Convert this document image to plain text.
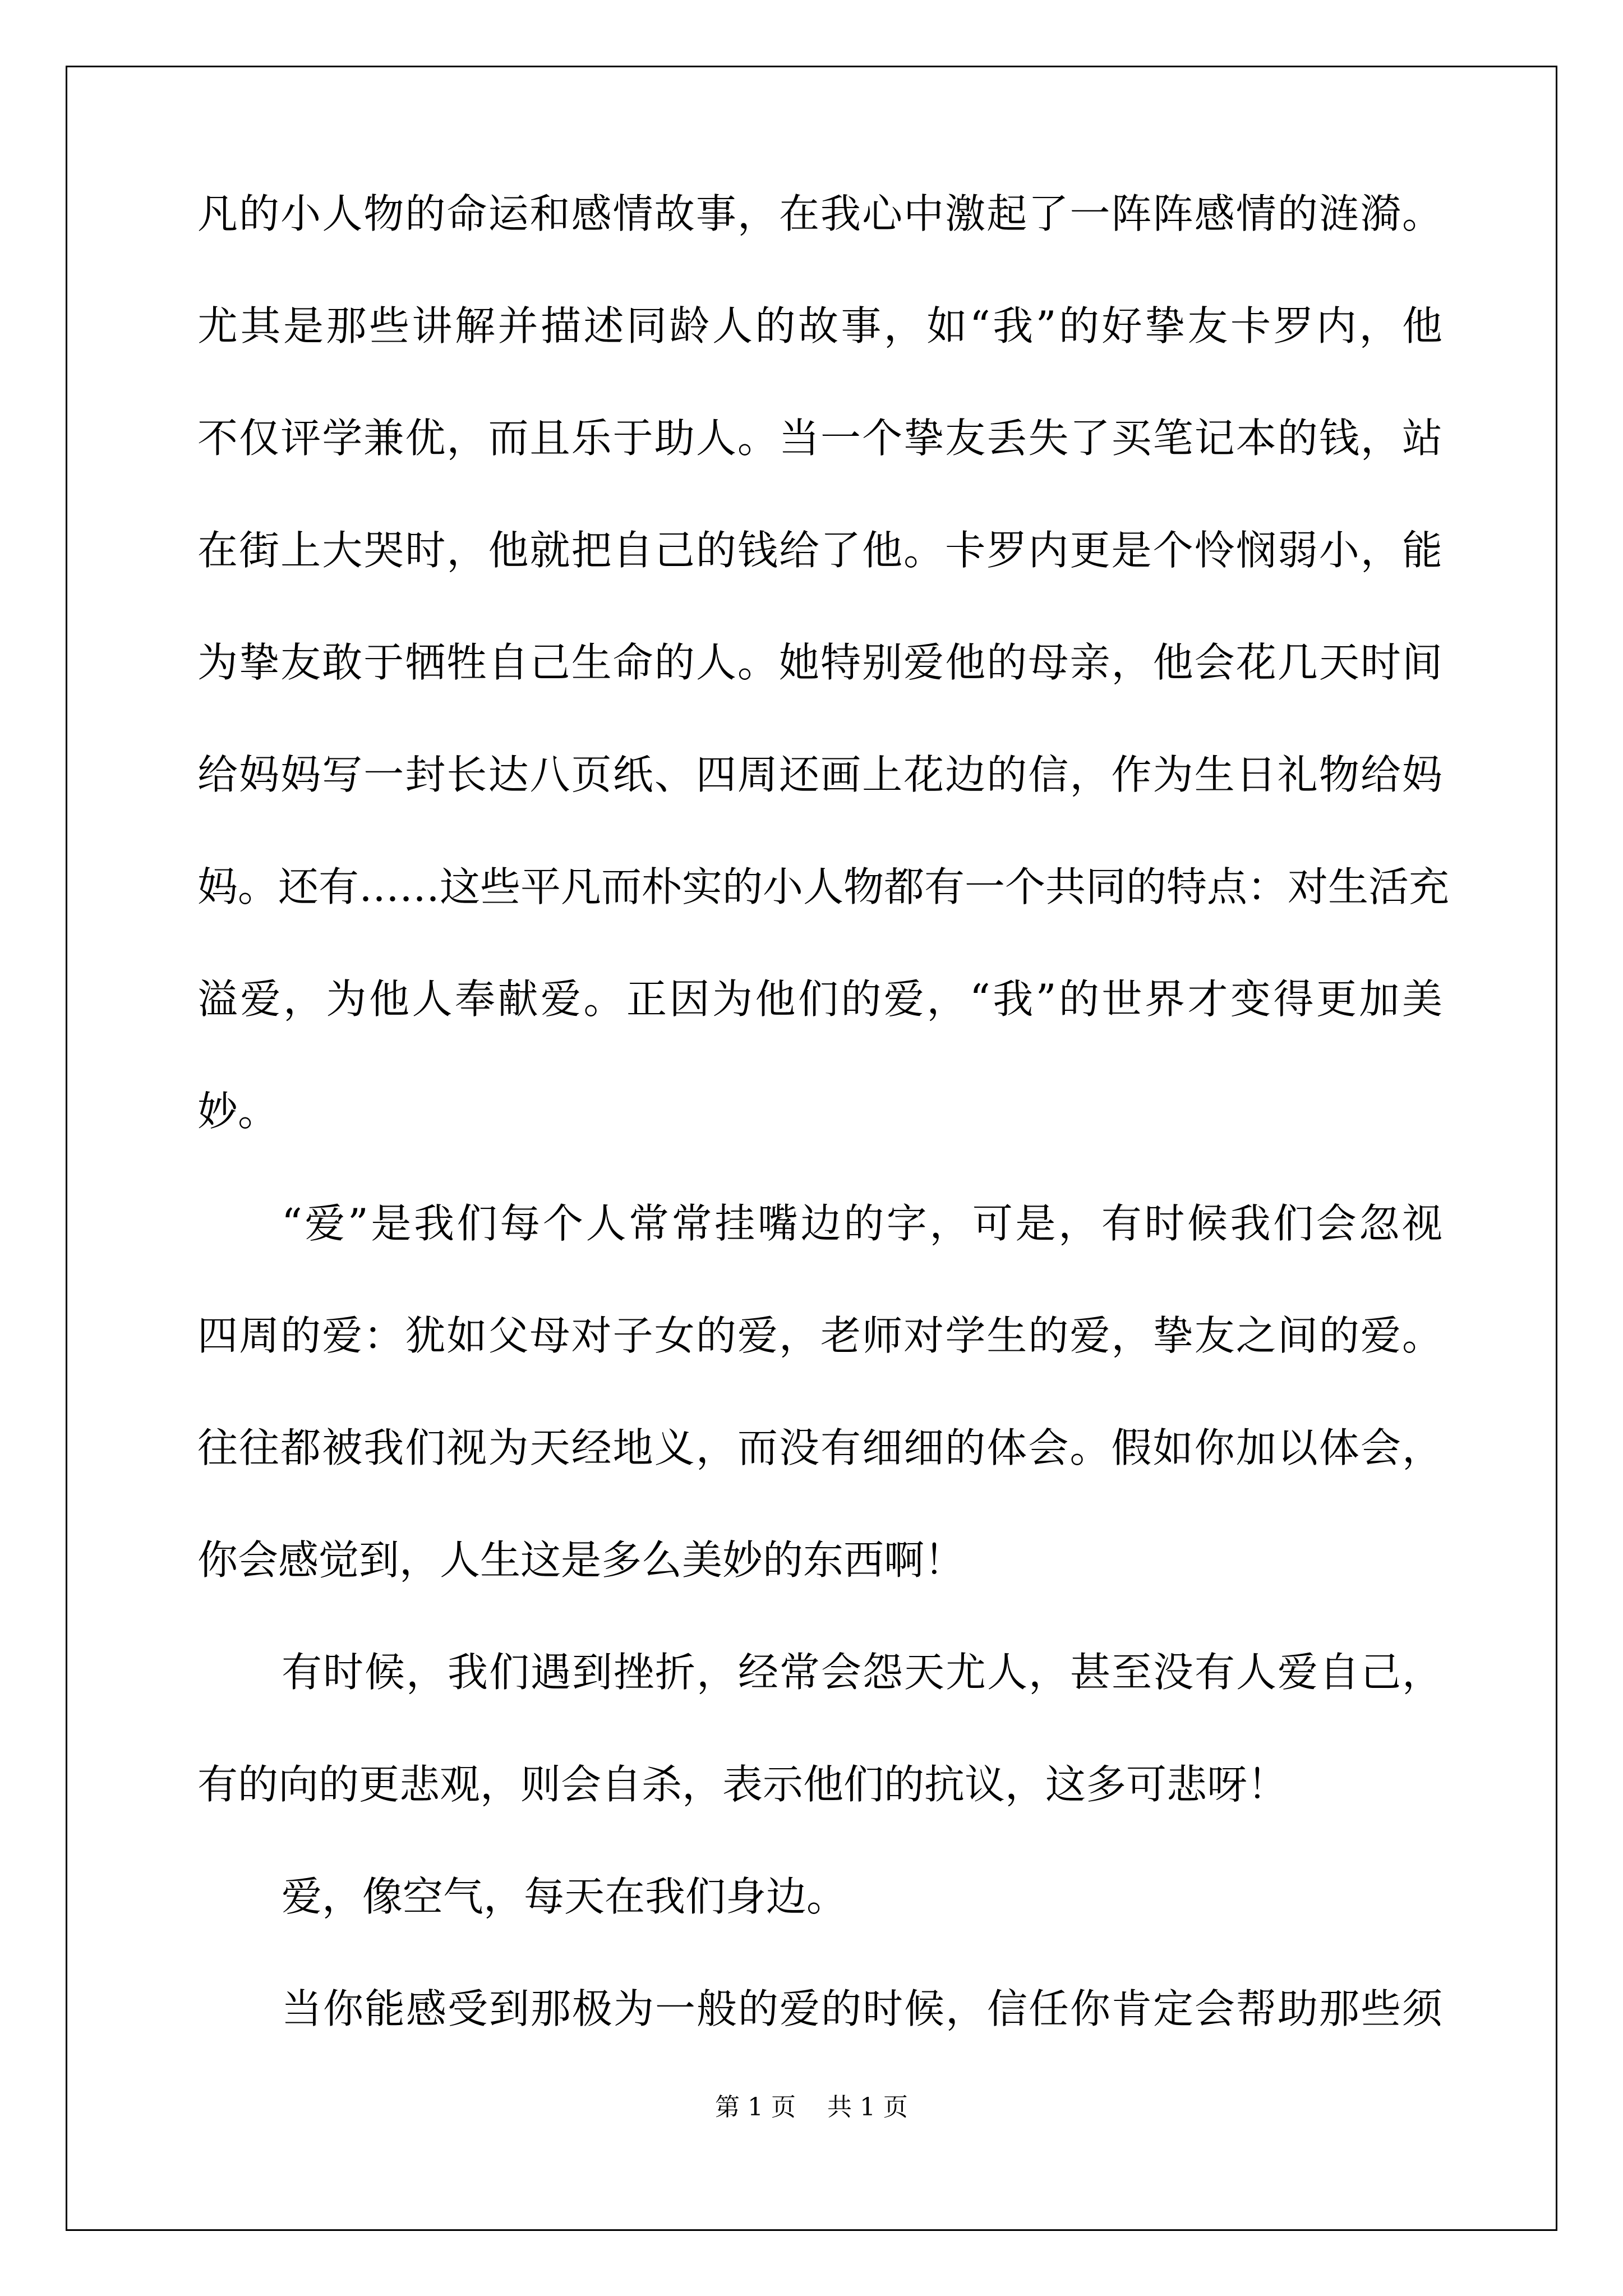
凡的小人物的命运和感情故事，在我心中激起了一阵阵感情的涟漪。
尤其是那些讲解并描述同龄人的故事，如“我”的好挚友卡罗内，他
不仅评学兼优，而且乐于助人。当一个挚友丢失了买笔记本的钱，站
在街上大哭时，他就把自己的钱给了他。卡罗内更是个怜悯弱小，能
为挚友敢于牺牲自己生命的人。她特别爱他的母亲，他会花几天时间
给妈妈写一封长达八页纸、四周还画上花边的信，作为生日礼物给妈
妈。还有……这些平凡而朴实的小人物都有一个共同的特点：对生活充
溢爱，为他人奉献爱。正因为他们的爱，“我”的世界才变得更加美
妙。
“爱”是我们每个人常常挂嘴边的字，可是，有时候我们会忽视
四周的爱：犹如父母对子女的爱，老师对学生的爱，挚友之间的爱。
往往都被我们视为天经地义，而没有细细的体会。假如你加以体会，
你会感觉到，人生这是多么美妙的东西啊！
有时候，我们遇到挫折，经常会怨天尤人，甚至没有人爱自己，
有的向的更悲观，则会自杀，表示他们的抗议，这多可悲呀！
爱，像空气，每天在我们身边。
当你能感受到那极为一般的爱的时候，信任你肯定会帮助那些须
第 1 页    共 1 页
